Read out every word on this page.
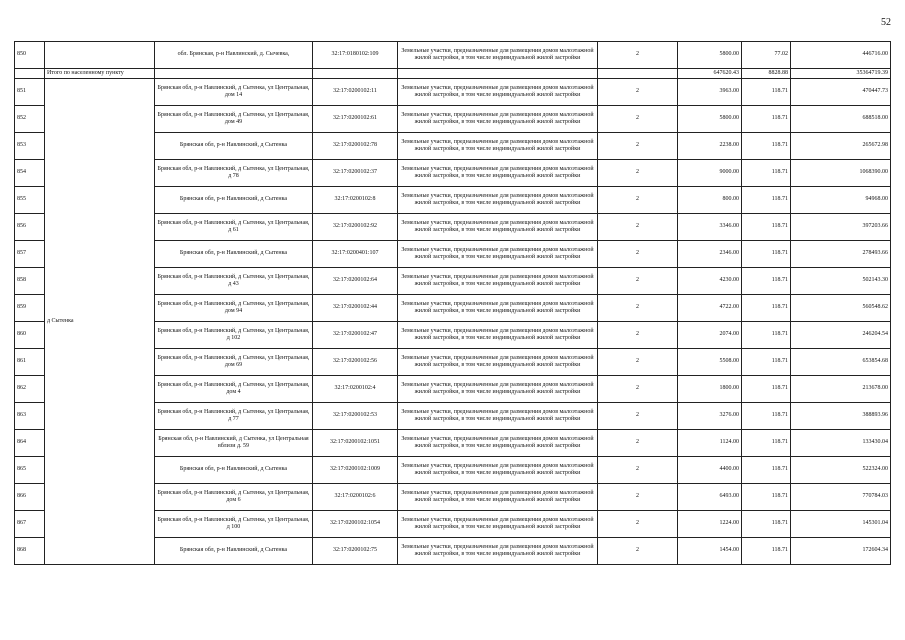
52
850		обл. Брянская, р-н Навлинский, д. Сычевка,	32:17:0180102:109	Земельные участки, предназначенные для размещения домов малоэтажной жилой застройки, в том числе индивидуальной жилой застройки	2	5800.00	77.02	446716.00
	Итого по населенному пункту					647620.43	8828.88	35364719.39
851	д Сытенка	Брянская обл, р-н Навлинский, д Сытенка, ул Центральная, дом 14	32:17:0200102:11	Земельные участки, предназначенные для размещения домов малоэтажной жилой застройки, в том числе индивидуальной жилой застройки	2	3963.00	118.71	470447.73
852		Брянская обл, р-н Навлинский, д Сытенка, ул Центральная, дом 49	32:17:0200102:61	Земельные участки, предназначенные для размещения домов малоэтажной жилой застройки, в том числе индивидуальной жилой застройки	2	5800.00	118.71	688518.00
853		Брянская обл, р-н Навлинский, д Сытенка	32:17:0200102:78	Земельные участки, предназначенные для размещения домов малоэтажной жилой застройки, в том числе индивидуальной жилой застройки	2	2238.00	118.71	265672.98
854		Брянская обл, р-н Навлинский, д Сытенка, ул Центральная, д 78	32:17:0200102:37	Земельные участки, предназначенные для размещения домов малоэтажной жилой застройки, в том числе индивидуальной жилой застройки	2	9000.00	118.71	1068390.00
855		Брянская обл, р-н Навлинский, д Сытенка	32:17:0200102:8	Земельные участки, предназначенные для размещения домов малоэтажной жилой застройки, в том числе индивидуальной жилой застройки	2	800.00	118.71	94968.00
856		Брянская обл, р-н Навлинский, д Сытенка, ул Центральная, д 61	32:17:0200102:92	Земельные участки, предназначенные для размещения домов малоэтажной жилой застройки, в том числе индивидуальной жилой застройки	2	3346.00	118.71	397203.66
857		Брянская обл, р-н Навлинский, д Сытенка	32:17:0200401:107	Земельные участки, предназначенные для размещения домов малоэтажной жилой застройки, в том числе индивидуальной жилой застройки	2	2346.00	118.71	278493.66
858		Брянская обл, р-н Навлинский, д Сытенка, ул Центральная, д 43	32:17:0200102:64	Земельные участки, предназначенные для размещения домов малоэтажной жилой застройки, в том числе индивидуальной жилой застройки	2	4230.00	118.71	502143.30
859		Брянская обл, р-н Навлинский, д Сытенка, ул Центральная, дом 94	32:17:0200102:44	Земельные участки, предназначенные для размещения домов малоэтажной жилой застройки, в том числе индивидуальной жилой застройки	2	4722.00	118.71	560548.62
860		Брянская обл, р-н Навлинский, д Сытенка, ул Центральная, д 102	32:17:0200102:47	Земельные участки, предназначенные для размещения домов малоэтажной жилой застройки, в том числе индивидуальной жилой застройки	2	2074.00	118.71	246204.54
861		Брянская обл, р-н Навлинский, д Сытенка, ул Центральная, дом 69	32:17:0200102:56	Земельные участки, предназначенные для размещения домов малоэтажной жилой застройки, в том числе индивидуальной жилой застройки	2	5508.00	118.71	653854.68
862		Брянская обл, р-н Навлинский, д Сытенка, ул Центральная, дом 4	32:17:0200102:4	Земельные участки, предназначенные для размещения домов малоэтажной жилой застройки, в том числе индивидуальной жилой застройки	2	1800.00	118.71	213678.00
863		Брянская обл, р-н Навлинский, д Сытенка, ул Центральная, д 77	32:17:0200102:53	Земельные участки, предназначенные для размещения домов малоэтажной жилой застройки, в том числе индивидуальной жилой застройки	2	3276.00	118.71	388893.96
864		Брянская обл, р-н Навлинский, д Сытенка, ул Центральная вблизи д. 59	32:17:0200102:1051	Земельные участки, предназначенные для размещения домов малоэтажной жилой застройки, в том числе индивидуальной жилой застройки	2	1124.00	118.71	133430.04
865		Брянская обл, р-н Навлинский, д Сытенка	32:17:0200102:1009	Земельные участки, предназначенные для размещения домов малоэтажной жилой застройки, в том числе индивидуальной жилой застройки	2	4400.00	118.71	522324.00
866		Брянская обл, р-н Навлинский, д Сытенка, ул Центральная, дом 6	32:17:0200102:6	Земельные участки, предназначенные для размещения домов малоэтажной жилой застройки, в том числе индивидуальной жилой застройки	2	6493.00	118.71	770784.03
867		Брянская обл, р-н Навлинский, д Сытенка, ул Центральная, д 100	32:17:0200102:1054	Земельные участки, предназначенные для размещения домов малоэтажной жилой застройки, в том числе индивидуальной жилой застройки	2	1224.00	118.71	145301.04
868		Брянская обл, р-н Навлинский, д Сытенка	32:17:0200102:75	Земельные участки, предназначенные для размещения домов малоэтажной жилой застройки, в том числе индивидуальной жилой застройки	2	1454.00	118.71	172604.34
